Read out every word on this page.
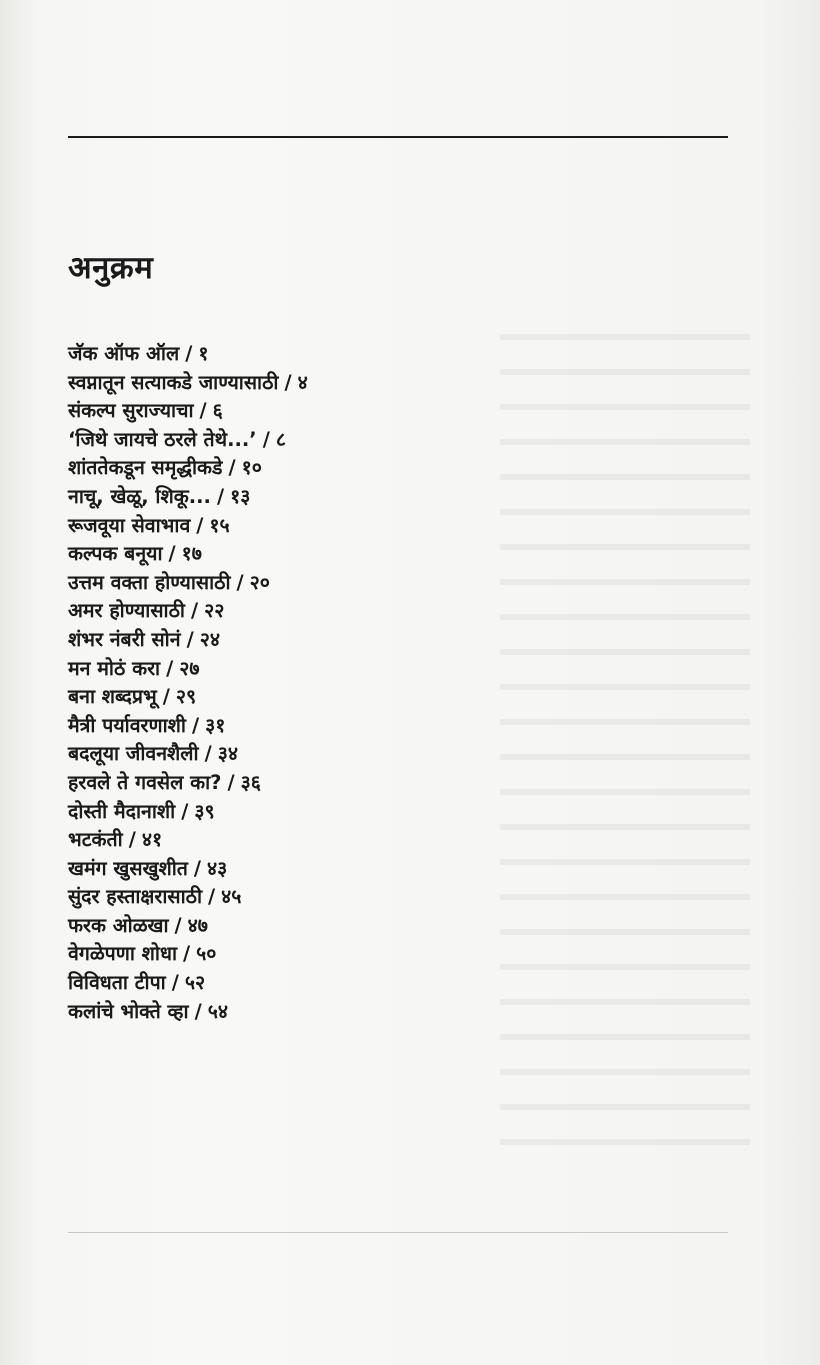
अनुक्रम
जॅक ऑफ ऑल / १
स्वप्नातून सत्याकडे जाण्यासाठी / ४
संकल्प सुराज्याचा / ६
‘जिथे जायचे ठरले तेथे...’ / ८
शांततेकडून समृद्धीकडे / १०
नाचू, खेळू, शिकू... / १३
रूजवूया सेवाभाव / १५
कल्पक बनूया / १७
उत्तम वक्ता होण्यासाठी / २०
अमर होण्यासाठी / २२
शंभर नंबरी सोनं / २४
मन मोठं करा / २७
बना शब्दप्रभू / २९
मैत्री पर्यावरणाशी / ३१
बदलूया जीवनशैली / ३४
हरवले ते गवसेल का? / ३६
दोस्ती मैदानाशी / ३९
भटकंती / ४१
खमंग खुसखुशीत / ४३
सुंदर हस्ताक्षरासाठी / ४५
फरक ओळखा / ४७
वेगळेपणा शोधा / ५०
विविधता टीपा / ५२
कलांचे भोक्ते व्हा / ५४
